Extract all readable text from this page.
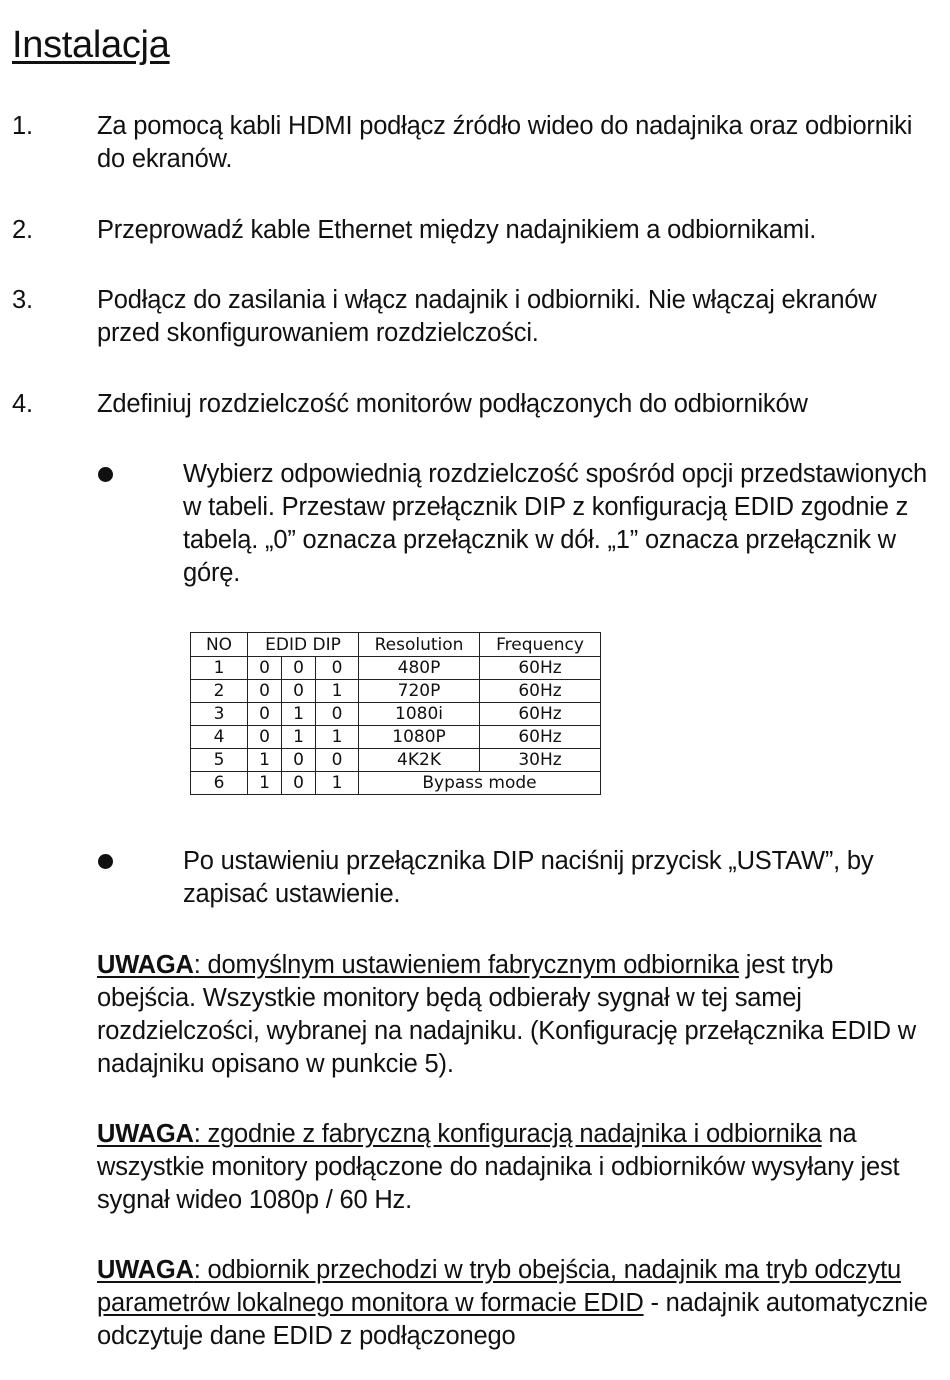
Instalacja
1.	Za pomocą kabli HDMI podłącz źródło wideo do nadajnika oraz odbiorniki do ekranów.
2.	Przeprowadź kable Ethernet między nadajnikiem a odbiornikami.
3.	Podłącz do zasilania i włącz nadajnik i odbiorniki. Nie włączaj ekranów przed skonfigurowaniem rozdzielczości.
4.	Zdefiniuj rozdzielczość monitorów podłączonych do odbiorników
Wybierz odpowiednią rozdzielczość spośród opcji przedstawionych w tabeli. Przestaw przełącznik DIP z konfiguracją EDID zgodnie z tabelą. „0” oznacza przełącznik w dół. „1” oznacza przełącznik w górę.
NO	EDID DIP			Resolution	Frequency
1	0	0	0	480P	60Hz
2	0	0	1	720P	60Hz
3	0	1	0	1080i	60Hz
4	0	1	1	1080P	60Hz
5	1	0	0	4K2K	30Hz
6	1	0	1	Bypass mode	
Po ustawieniu przełącznika DIP naciśnij przycisk „USTAW”, by zapisać ustawienie.
UWAGA: domyślnym ustawieniem fabrycznym odbiornika jest tryb obejścia. Wszystkie monitory będą odbierały sygnał w tej samej rozdzielczości, wybranej na nadajniku. (Konfigurację przełącznika EDID w nadajniku opisano w punkcie 5).
UWAGA: zgodnie z fabryczną konfiguracją nadajnika i odbiornika na wszystkie monitory podłączone do nadajnika i odbiorników wysyłany jest sygnał wideo 1080p / 60 Hz.
UWAGA: odbiornik przechodzi w tryb obejścia, nadajnik ma tryb odczytu parametrów lokalnego monitora w formacie EDID - nadajnik automatycznie odczytuje dane EDID z podłączonego
